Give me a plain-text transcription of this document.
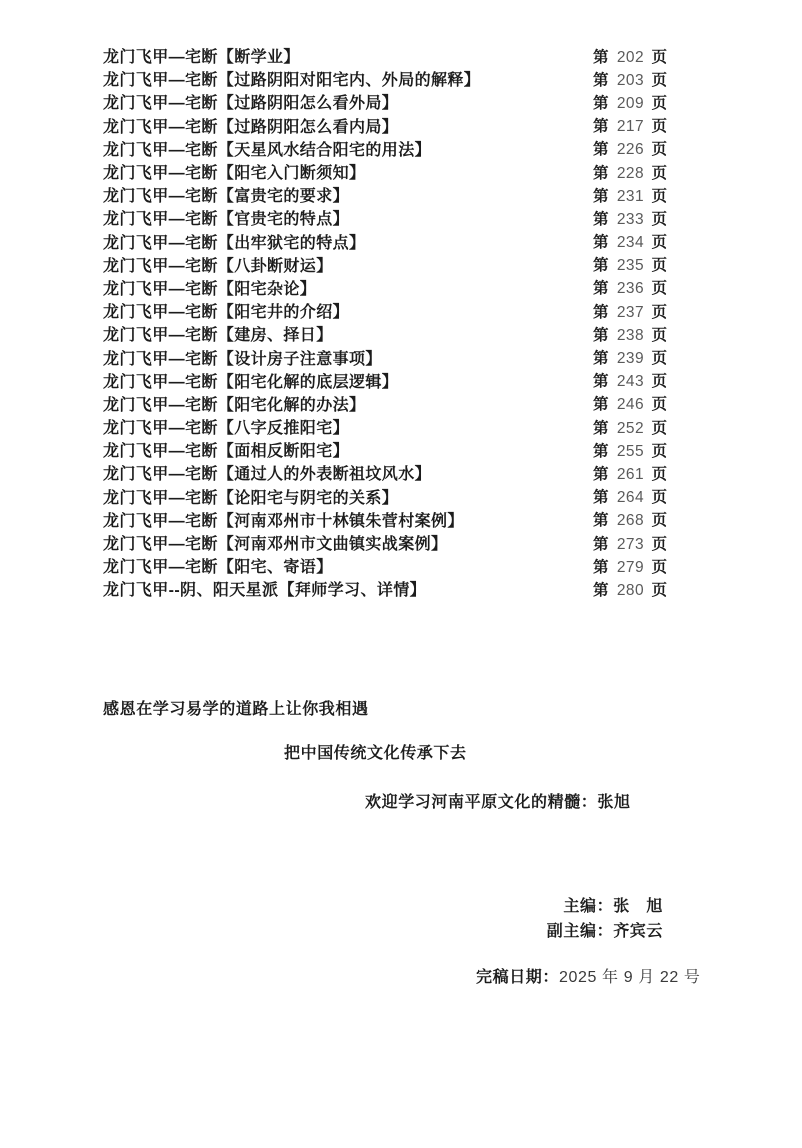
龙门飞甲—宅断【断学业】	第 202 页
龙门飞甲—宅断【过路阴阳对阳宅内、外局的解释】	第 203 页
龙门飞甲—宅断【过路阴阳怎么看外局】	第 209 页
龙门飞甲—宅断【过路阴阳怎么看内局】	第 217 页
龙门飞甲—宅断【天星风水结合阳宅的用法】	第 226 页
龙门飞甲—宅断【阳宅入门断须知】	第 228 页
龙门飞甲—宅断【富贵宅的要求】	第 231 页
龙门飞甲—宅断【官贵宅的特点】	第 233 页
龙门飞甲—宅断【出牢狱宅的特点】	第 234 页
龙门飞甲—宅断【八卦断财运】	第 235 页
龙门飞甲—宅断【阳宅杂论】	第 236 页
龙门飞甲—宅断【阳宅井的介绍】	第 237 页
龙门飞甲—宅断【建房、择日】	第 238 页
龙门飞甲—宅断【设计房子注意事项】	第 239 页
龙门飞甲—宅断【阳宅化解的底层逻辑】	第 243 页
龙门飞甲—宅断【阳宅化解的办法】	第 246 页
龙门飞甲—宅断【八字反推阳宅】	第 252 页
龙门飞甲—宅断【面相反断阳宅】	第 255 页
龙门飞甲—宅断【通过人的外表断祖坟风水】	第 261 页
龙门飞甲—宅断【论阳宅与阴宅的关系】	第 264 页
龙门飞甲—宅断【河南邓州市十林镇朱菅村案例】	第 268 页
龙门飞甲—宅断【河南邓州市文曲镇实战案例】	第 273 页
龙门飞甲—宅断【阳宅、寄语】	第 279 页
龙门飞甲--阴、阳天星派【拜师学习、详情】	第 280 页
感恩在学习易学的道路上让你我相遇
把中国传统文化传承下去
欢迎学习河南平原文化的精髓：张旭
主编：张　旭
副主编：齐宾云
完稿日期：2025 年 9 月 22 号
